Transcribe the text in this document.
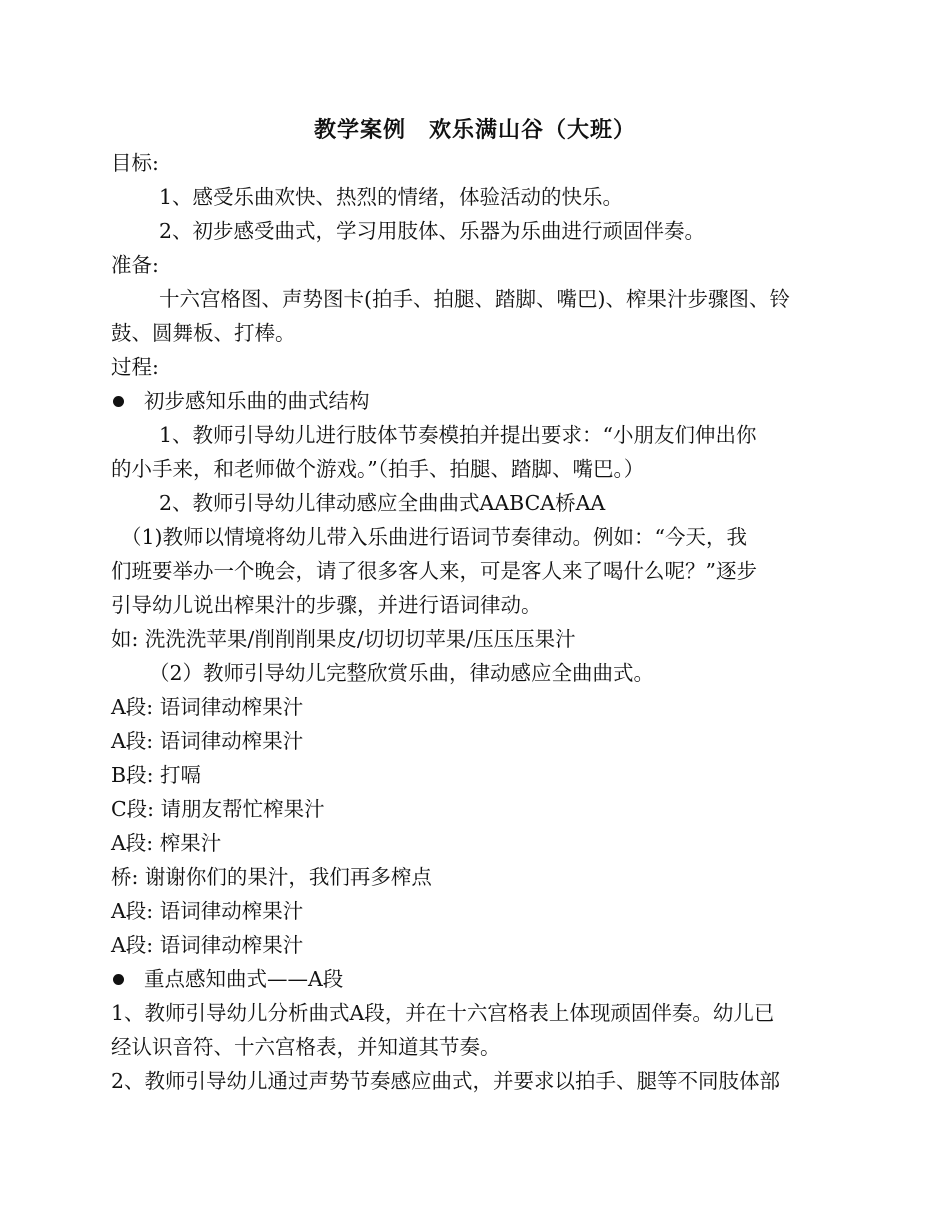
教学案例　欢乐满山谷（大班）
目标:
1、感受乐曲欢快、热烈的情绪，体验活动的快乐。
2、初步感受曲式，学习用肢体、乐器为乐曲进行顽固伴奏。
准备:
十六宫格图、声势图卡(拍手、拍腿、踏脚、嘴巴)、榨果汁步骤图、铃
鼓、圆舞板、打棒。
过程:
初步感知乐曲的曲式结构
1、教师引导幼儿进行肢体节奏模拍并提出要求：“小朋友们伸出你
的小手来，和老师做个游戏。”（拍手、拍腿、踏脚、嘴巴。）
2、教师引导幼儿律动感应全曲曲式AABCA桥AA
（1)教师以情境将幼儿带入乐曲进行语词节奏律动。例如：“今天，我
们班要举办一个晚会，请了很多客人来，可是客人来了喝什么呢？”逐步
引导幼儿说出榨果汁的步骤，并进行语词律动。
如: 洗洗洗苹果/削削削果皮/切切切苹果/压压压果汁
（2）教师引导幼儿完整欣赏乐曲，律动感应全曲曲式。
A段: 语词律动榨果汁
A段: 语词律动榨果汁
B段: 打嗝
C段: 请朋友帮忙榨果汁
A段: 榨果汁
桥: 谢谢你们的果汁，我们再多榨点
A段: 语词律动榨果汁
A段: 语词律动榨果汁
重点感知曲式——A段
1、教师引导幼儿分析曲式A段，并在十六宫格表上体现顽固伴奏。幼儿已
经认识音符、十六宫格表，并知道其节奏。
2、教师引导幼儿通过声势节奏感应曲式，并要求以拍手、腿等不同肢体部
